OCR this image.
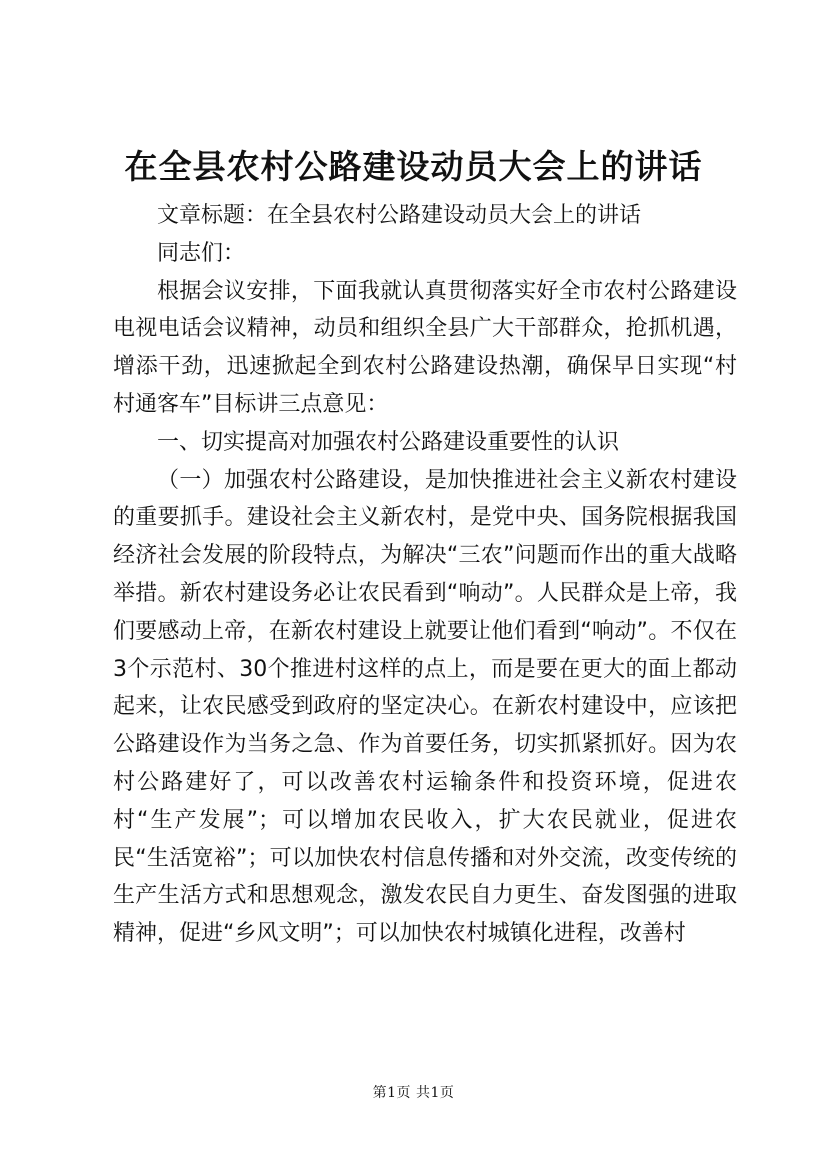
在全县农村公路建设动员大会上的讲话

文章标题：在全县农村公路建设动员大会上的讲话

同志们：

根据会议安排，下面我就认真贯彻落实好全市农村公路建设电视电话会议精神，动员和组织全县广大干部群众，抢抓机遇，增添干劲，迅速掀起全到农村公路建设热潮，确保早日实现“村村通客车”目标讲三点意见：

一、切实提高对加强农村公路建设重要性的认识

（一）加强农村公路建设，是加快推进社会主义新农村建设的重要抓手。建设社会主义新农村，是党中央、国务院根据我国经济社会发展的阶段特点，为解决“三农”问题而作出的重大战略举措。新农村建设务必让农民看到“响动”。人民群众是上帝，我们要感动上帝，在新农村建设上就要让他们看到“响动”。不仅在3个示范村、30个推进村这样的点上，而是要在更大的面上都动起来，让农民感受到政府的坚定决心。在新农村建设中，应该把公路建设作为当务之急、作为首要任务，切实抓紧抓好。因为农村公路建好了，可以改善农村运输条件和投资环境，促进农村“生产发展”；可以增加农民收入，扩大农民就业，促进农民“生活宽裕”；可以加快农村信息传播和对外交流，改变传统的生产生活方式和思想观念，激发农民自力更生、奋发图强的进取精神，促进“乡风文明”；可以加快农村城镇化进程，改善村

第1页 共1页
